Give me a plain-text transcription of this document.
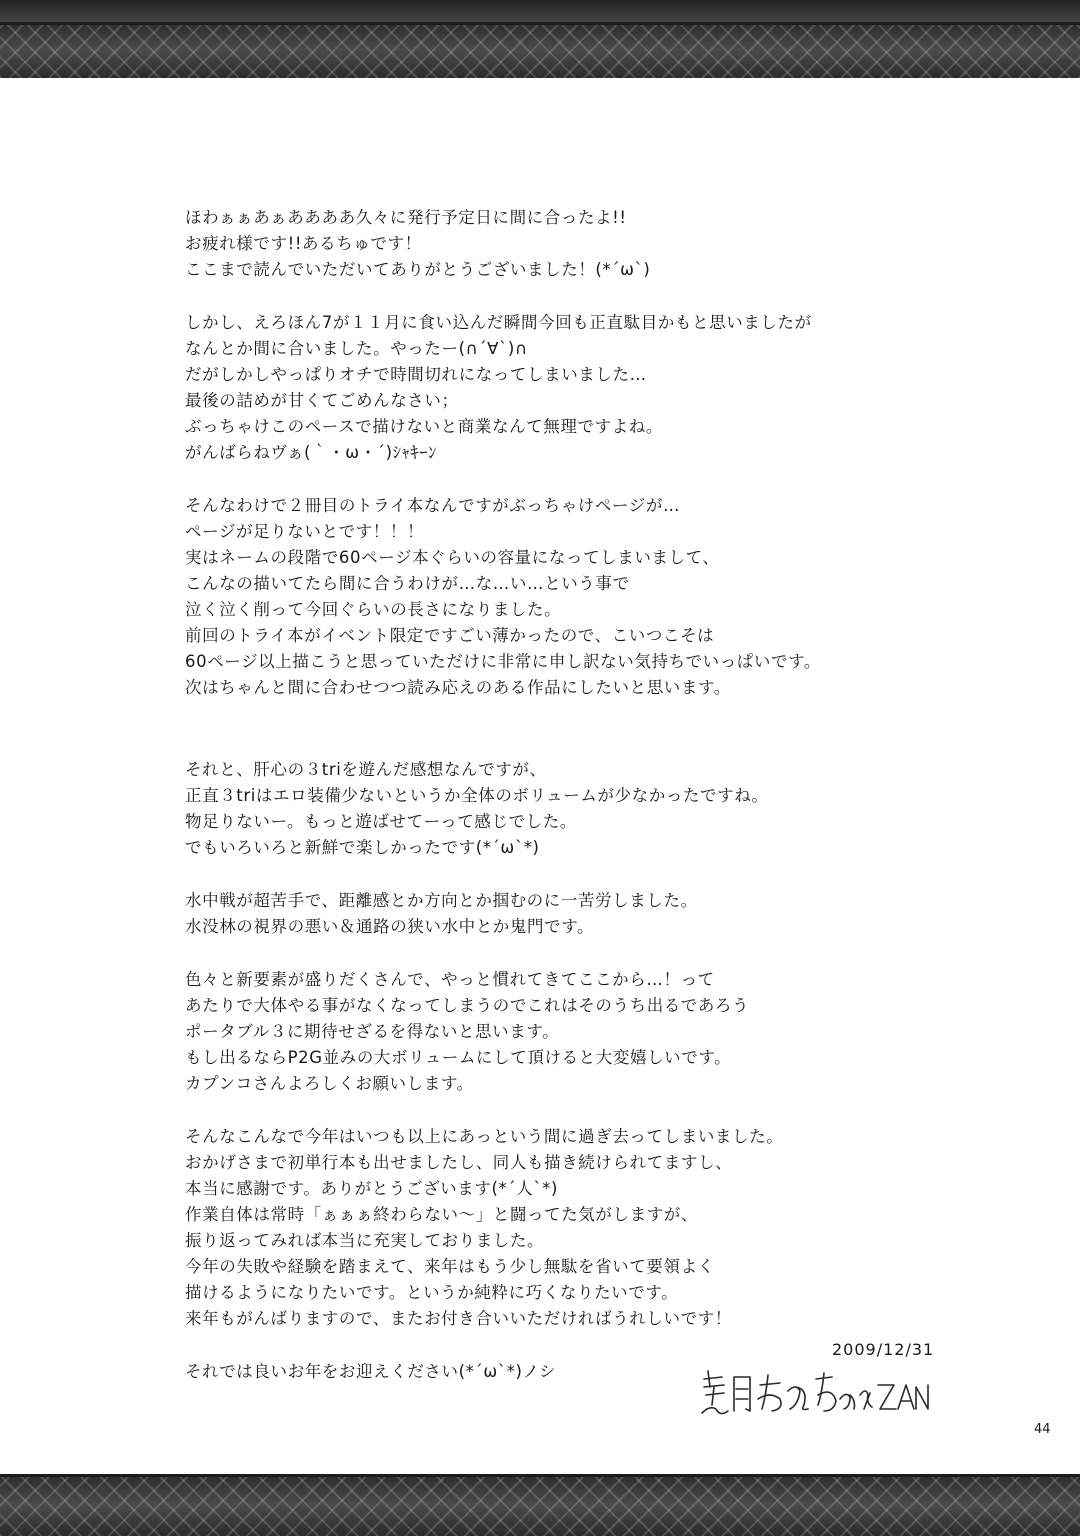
ほわぁぁあぁああああ久々に発行予定日に間に合ったよ!!
お疲れ様です!!あるちゅです！
ここまで読んでいただいてありがとうございました！(*´ω`)
しかし、えろほん7が１１月に食い込んだ瞬間今回も正直駄目かもと思いましたが
なんとか間に合いました。やったー(∩´∀`)∩
だがしかしやっぱりオチで時間切れになってしまいました…
最後の詰めが甘くてごめんなさい；
ぶっちゃけこのペースで描けないと商業なんて無理ですよね。
がんばらねヴぁ(｀・ω・´)ｼｬｷｰﾝ
そんなわけで２冊目のトライ本なんですがぶっちゃけページが…
ページが足りないとです！！！
実はネームの段階で60ページ本ぐらいの容量になってしまいまして、
こんなの描いてたら間に合うわけが…な…い…という事で
泣く泣く削って今回ぐらいの長さになりました。
前回のトライ本がイベント限定ですごい薄かったので、こいつこそは
60ページ以上描こうと思っていただけに非常に申し訳ない気持ちでいっぱいです。
次はちゃんと間に合わせつつ読み応えのある作品にしたいと思います。
それと、肝心の３triを遊んだ感想なんですが、
正直３triはエロ装備少ないというか全体のボリュームが少なかったですね。
物足りないー。もっと遊ばせてーって感じでした。
でもいろいろと新鮮で楽しかったです(*´ω`*)
水中戦が超苦手で、距離感とか方向とか掴むのに一苦労しました。
水没林の視界の悪い＆通路の狭い水中とか鬼門です。
色々と新要素が盛りだくさんで、やっと慣れてきてここから…！って
あたりで大体やる事がなくなってしまうのでこれはそのうち出るであろう
ポータブル３に期待せざるを得ないと思います。
もし出るならP2G並みの大ボリュームにして頂けると大変嬉しいです。
カプンコさんよろしくお願いします。
そんなこんなで今年はいつも以上にあっという間に過ぎ去ってしまいました。
おかげさまで初単行本も出せましたし、同人も描き続けられてますし、
本当に感謝です。ありがとうございます(*´人`*)
作業自体は常時「ぁぁぁ終わらない～」と闘ってた気がしますが、
振り返ってみれば本当に充実しておりました。
今年の失敗や経験を踏まえて、来年はもう少し無駄を省いて要領よく
描けるようになりたいです。というか純粋に巧くなりたいです。
来年もがんばりますので、またお付き合いいただければうれしいです！
それでは良いお年をお迎えください(*´ω`*)ノシ
2009/12/31
44
